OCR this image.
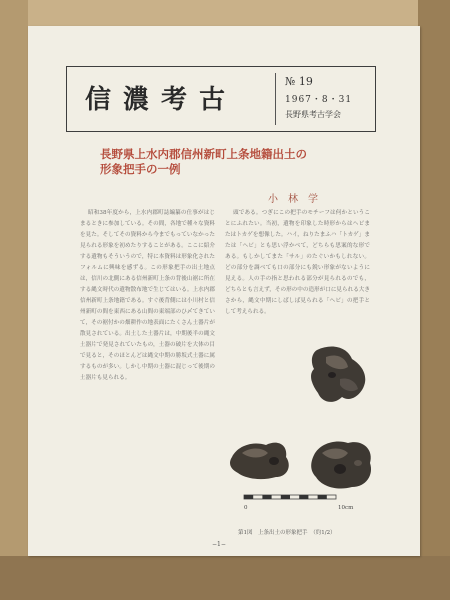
信濃考古
№ 19
1967・8・31
長野県考古学会
長野県上水内郡信州新町上条地籍出土の
形象把手の一例
小林学
昭和38年度から，上水内郡町誌編纂の仕事がはじまるときに参加している。その間，各地で種々な資料を見た。そしてその資料から今までもっていなかった見られる形象を初めたりすることがある。ここに紹介する遺物もそういうので，特に本資料は形象化されたフォルムに興味を感ずる。この形象把手の出土地点は，信川の北側にある信州新町上条の背後山裾に所在する縄文時代の遺物散布地で生じてはいる。上水内郡信州新町上条地籍である。すぐ後背側には小川村と信州新町の間を東西にある山間の東端部のひ〆てきていて，その裾付かの畑耕作の地表面にたくさん土器片が散見されている。出土した土器片は，中期後半の縄文土器片で発見されていたもの，土器の破片を大体の目で見ると，そのほとんどは縄文中期の勝坂式土器に属するものが多い。しかし中期の土器に混じって後期の土器片も見られる。
頭である。つぎにこの把手のモチーフは何かということにふれたい。当初，遺物を印象した時形からはヘビまたはトカゲを想像した。ハイ，ねりたまふハ「トカゲ」または「ヘビ」とも思い浮かべて，どちらも思案的な形である。もしかしてまた「サル」のたぐいかもしれない。どの部分を調べても口の部分にも鋭い形象がないように見える。人の手の指と思われる部分が見られるのでも，どちらとも言えず，その形の中の造形が口に見られる大きさから，縄文中期にしばしば見られる「ヘビ」の把手として考えられる。
0	10cm
第1図　上条出土の形象把手　（約1/2）
−1−
